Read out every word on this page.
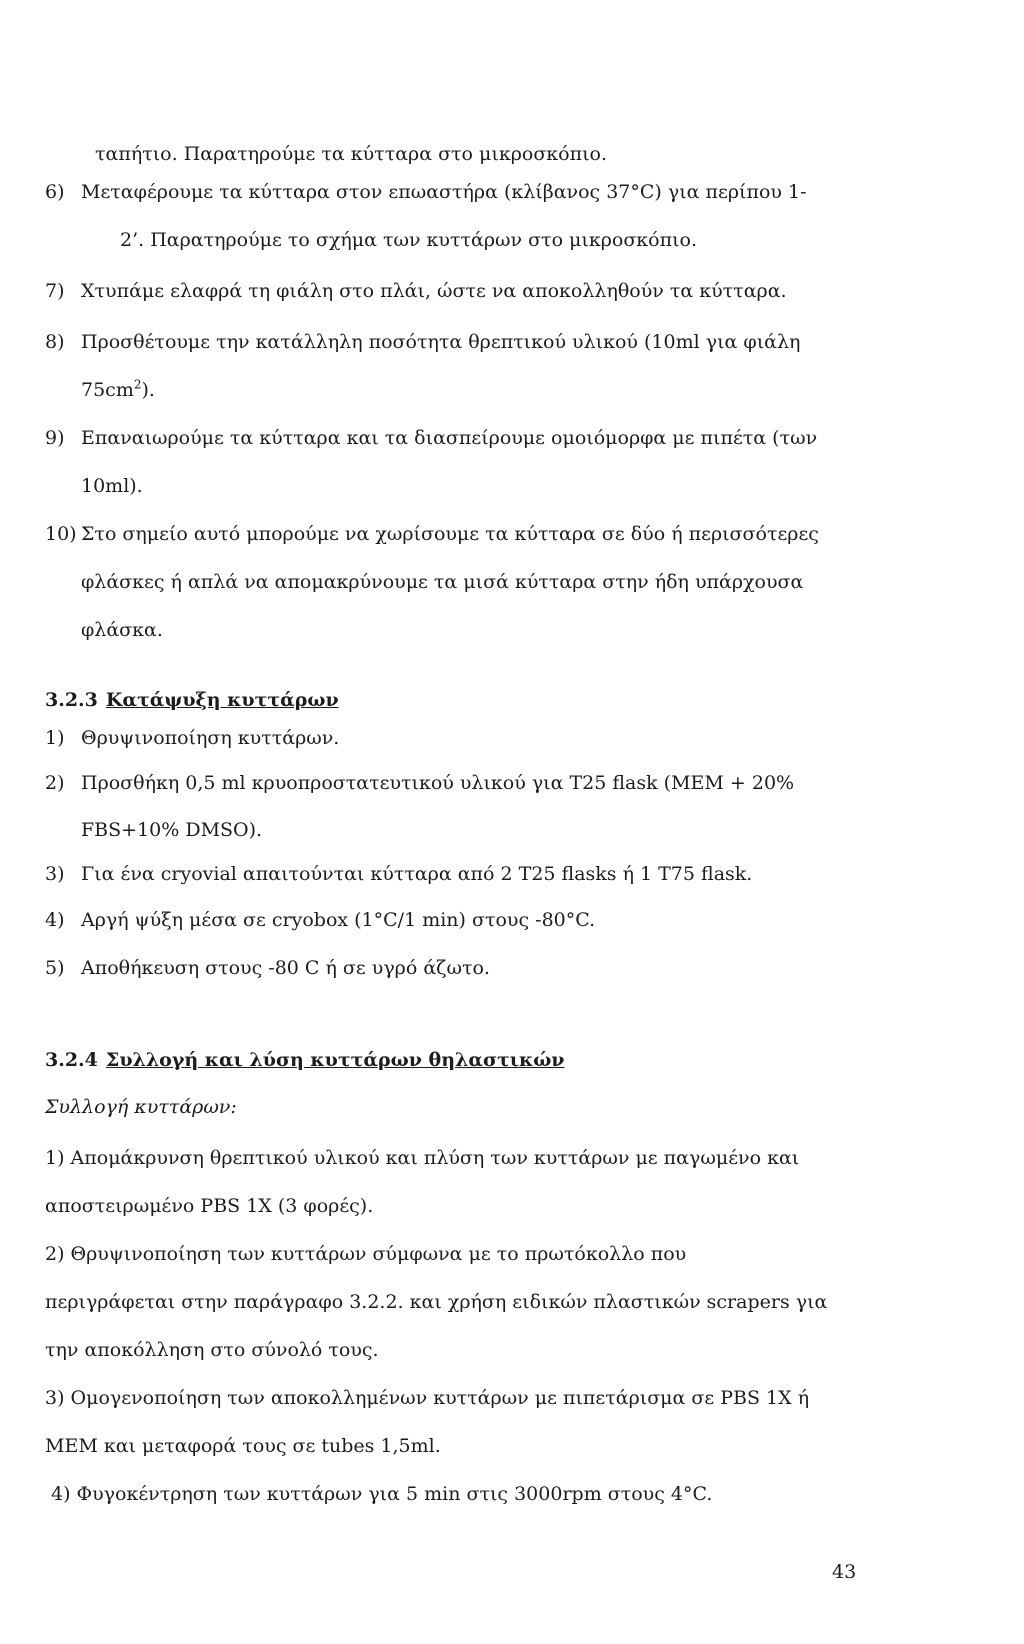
ταπήτιο. Παρατηρούμε τα κύτταρα στο μικροσκόπιο.
6) Μεταφέρουμε τα κύτταρα στον επωαστήρα (κλίβανος 37°C) για περίπου 1-
2’. Παρατηρούμε το σχήμα των κυττάρων στο μικροσκόπιο.
7) Χτυπάμε ελαφρά τη φιάλη στο πλάι, ώστε να αποκολληθούν τα κύτταρα.
8) Προσθέτουμε την κατάλληλη ποσότητα θρεπτικού υλικού (10ml για φιάλη
$75cm^2$).
9) Επαναιωρούμε τα κύτταρα και τα διασπείρουμε ομοιόμορφα με πιπέτα (των
10ml).
10) Στο σημείο αυτό μπορούμε να χωρίσουμε τα κύτταρα σε δύο ή περισσότερες
φλάσκες ή απλά να απομακρύνουμε τα μισά κύτταρα στην ήδη υπάρχουσα
φλάσκα.
3.2.3 Κατάψυξη κυττάρων
1) Θρυψινοποίηση κυττάρων.
2) Προσθήκη 0,5 ml κρυοπροστατευτικού υλικού για T25 flask (MEM + 20%
FBS+10% DMSO).
3) Για ένα cryovial απαιτούνται κύτταρα από 2 T25 flasks ή 1 T75 flask.
4) Αργή ψύξη μέσα σε cryobox (1°C/1 min) στους -80°C.
5) Αποθήκευση στους -80 C ή σε υγρό άζωτο.
3.2.4 Συλλογή και λύση κυττάρων θηλαστικών
Συλλογή κυττάρων:
1) Απομάκρυνση θρεπτικού υλικού και πλύση των κυττάρων με παγωμένο και
αποστειρωμένο PBS 1X (3 φορές).
2) Θρυψινοποίηση των κυττάρων σύμφωνα με το πρωτόκολλο που
περιγράφεται στην παράγραφο 3.2.2. και χρήση ειδικών πλαστικών scrapers για
την αποκόλληση στο σύνολό τους.
3) Ομογενοποίηση των αποκολλημένων κυττάρων με πιπετάρισμα σε PBS 1X ή
MEM και μεταφορά τους σε tubes 1,5ml.
4) Φυγοκέντρηση των κυττάρων για 5 min στις 3000rpm στους 4°C.
43
